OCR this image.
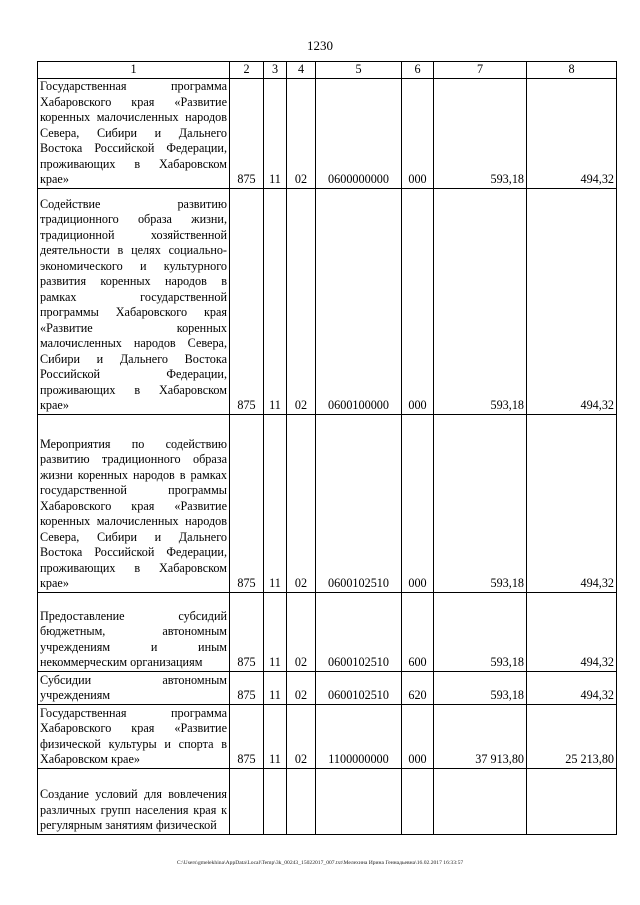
1230
1	2	3	4	5	6	7	8
Государственная программа Хабаровского края «Развитие коренных малочисленных народов Севера, Сибири и Дальнего Востока Российской Федерации, проживающих в Хабаровском крае»	875	11	02	0600000000	000	593,18	494,32
Содействие развитию традиционного образа жизни, традиционной хозяйственной деятельности в целях социально-экономического и культурного развития коренных народов в рамках государственной программы Хабаровского края «Развитие коренных малочисленных народов Севера, Сибири и Дальнего Востока Российской Федерации, проживающих в Хабаровском крае»	875	11	02	0600100000	000	593,18	494,32
Мероприятия по содействию развитию традиционного образа жизни коренных народов в рамках государственной программы Хабаровского края «Развитие коренных малочисленных народов Севера, Сибири и Дальнего Востока Российской Федерации, проживающих в Хабаровском крае»	875	11	02	0600102510	000	593,18	494,32
Предоставление субсидий бюджетным, автономным учреждениям и иным некоммерческим организациям	875	11	02	0600102510	600	593,18	494,32
Субсидии автономным учреждениям	875	11	02	0600102510	620	593,18	494,32
Государственная программа Хабаровского края «Развитие физической культуры и спорта в Хабаровском крае»	875	11	02	1100000000	000	37 913,80	25 213,80
Создание условий для вовлечения различных групп населения края к регулярным занятиям физической							
C:\Users\gmelekhina\AppData\Local\Temp\3k_00243_15022017_007.txt\Мелехина Ирина Геннадьевна\16.02.2017 16:33:57
